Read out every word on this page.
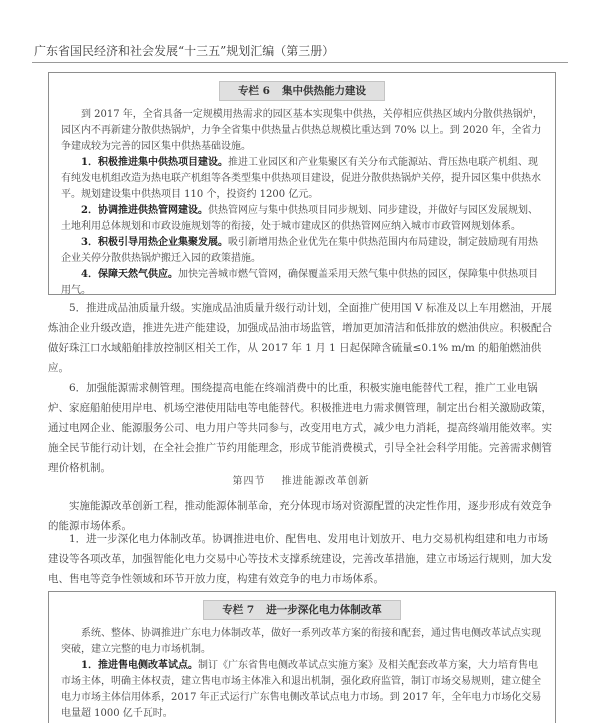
广东省国民经济和社会发展“十三五”规划汇编（第三册）
专栏 6 集中供热能力建设

到 2017 年，全省具备一定规模用热需求的园区基本实现集中供热，关停相应供热区域内分散供热锅炉，园区内不再新建分散供热锅炉，力争全省集中供热量占供热总规模比重达到 70% 以上。到 2020 年，全省力争建成较为完善的园区集中供热基础设施。

1．积极推进集中供热项目建设。推进工业园区和产业集聚区有关分布式能源站、背压热电联产机组、现有纯发电机组改造为热电联产机组等各类型集中供热项目建设，促进分散供热锅炉关停，提升园区集中供热水平。规划建设集中供热项目 110 个，投资约 1200 亿元。

2．协调推进供热管网建设。供热管网应与集中供热项目同步规划、同步建设，并做好与园区发展规划、土地利用总体规划和市政设施规划等的衔接，处于城市建成区的供热管网应纳入城市市政管网规划体系。

3．积极引导用热企业集聚发展。吸引新增用热企业优先在集中供热范围内布局建设，制定鼓励现有用热企业关停分散供热锅炉搬迁入园的政策措施。

4．保障天然气供应。加快完善城市燃气管网，确保覆盖采用天然气集中供热的园区，保障集中供热项目用气。

5．推进成品油质量升级。实施成品油质量升级行动计划，全面推广使用国 V 标准及以上车用燃油，开展炼油企业升级改造，推进先进产能建设，加强成品油市场监管，增加更加清洁和低排放的燃油供应。积极配合做好珠江口水域船舶排放控制区相关工作，从 2017 年 1 月 1 日起保障含硫量≤0.1% m/m 的船舶燃油供应。

6．加强能源需求侧管理。围绕提高电能在终端消费中的比重，积极实施电能替代工程，推广工业电锅炉、家庭船舶使用岸电、机场空港使用陆电等电能替代。积极推进电力需求侧管理，制定出台相关激励政策，通过电网企业、能源服务公司、电力用户等共同参与，改变用电方式，减少电力消耗，提高终端用能效率。实施全民节能行动计划，在全社会推广节约用能理念，形成节能消费模式，引导全社会科学用能。完善需求侧管理价格机制。

第四节 推进能源改革创新

实施能源改革创新工程，推动能源体制革命，充分体现市场对资源配置的决定性作用，逐步形成有效竞争的能源市场体系。

1．进一步深化电力体制改革。协调推进电价、配售电、发用电计划放开、电力交易机构组建和电力市场建设等各项改革，加强智能化电力交易中心等技术支撑系统建设，完善改革措施，建立市场运行规则，加大发电、售电等竞争性领域和环节开放力度，构建有效竞争的电力市场体系。

专栏 7 进一步深化电力体制改革

系统、整体、协调推进广东电力体制改革，做好一系列改革方案的衔接和配套，通过售电侧改革试点实现突破，建立完整的电力市场机制。

1．推进售电侧改革试点。制订《广东省售电侧改革试点实施方案》及相关配套改革方案，大力培育售电市场主体，明确主体权责，建立售电市场主体准入和退出机制，强化政府监管，制订市场交易规则，建立健全电力市场主体信用体系，2017 年正式运行广东售电侧改革试点电力市场。到 2017 年，全年电力市场化交易电量超 1000 亿千瓦时。
